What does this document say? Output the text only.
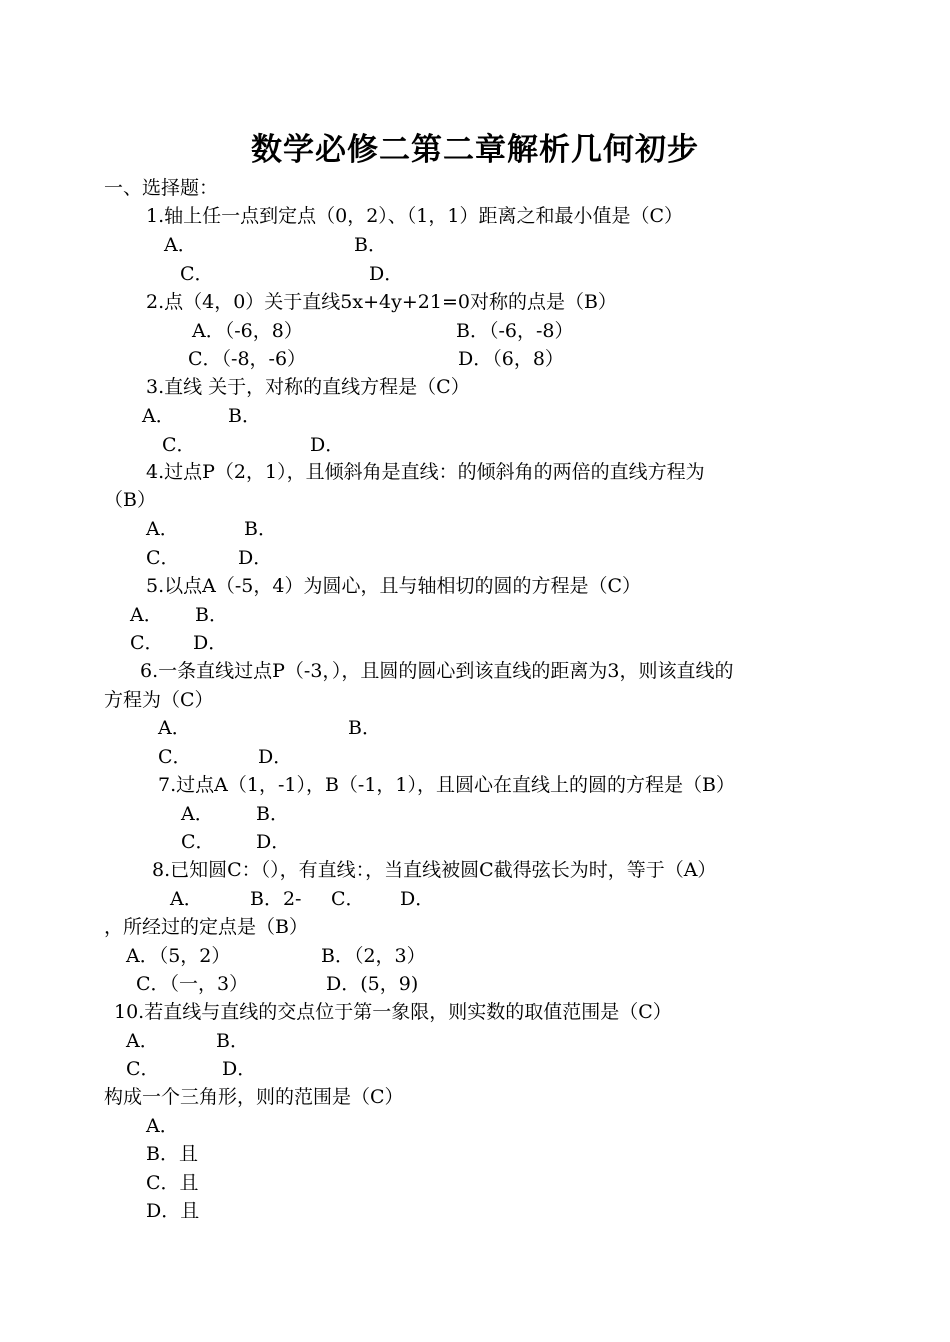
数学必修二第二章解析几何初步
一、选择题：
1.轴上任一点到定点（0，2）、（1，1）距离之和最小值是（C）
A．	B．
C．	D．
2.点（4，0）关于直线5x+4y+21=0对称的点是（B）
A．（-6，8）	B．（-6，-8）
C．（-8，-6）	D．（6，8）
3.直线 关于，对称的直线方程是（C）
A．	B．
C．	D．
4.过点P（2，1），且倾斜角是直线：的倾斜角的两倍的直线方程为
（B）
A．	B．
C．	D．
5.以点A（-5，4）为圆心，且与轴相切的圆的方程是（C）
A． B．
C． D．
6.一条直线过点P（-3，），且圆的圆心到该直线的距离为3，则该直线的
方程为（C）
A．	B．
C．	D．
7.过点A（1，-1），B（-1，1），且圆心在直线上的圆的方程是（B）
A． B．
C． D．
8.已知圆C：（），有直线：，当直线被圆C截得弦长为时，等于（A）
A． B．2- C． D．
，所经过的定点是（B）
A．（5，2）	B．（2，3）
C．（一，3）	D．(5，9)
10.若直线与直线的交点位于第一象限，则实数的取值范围是（C）
A．	B．
C．	D．
构成一个三角形，则的范围是（C）
A．
B．且
C．且
D．且
